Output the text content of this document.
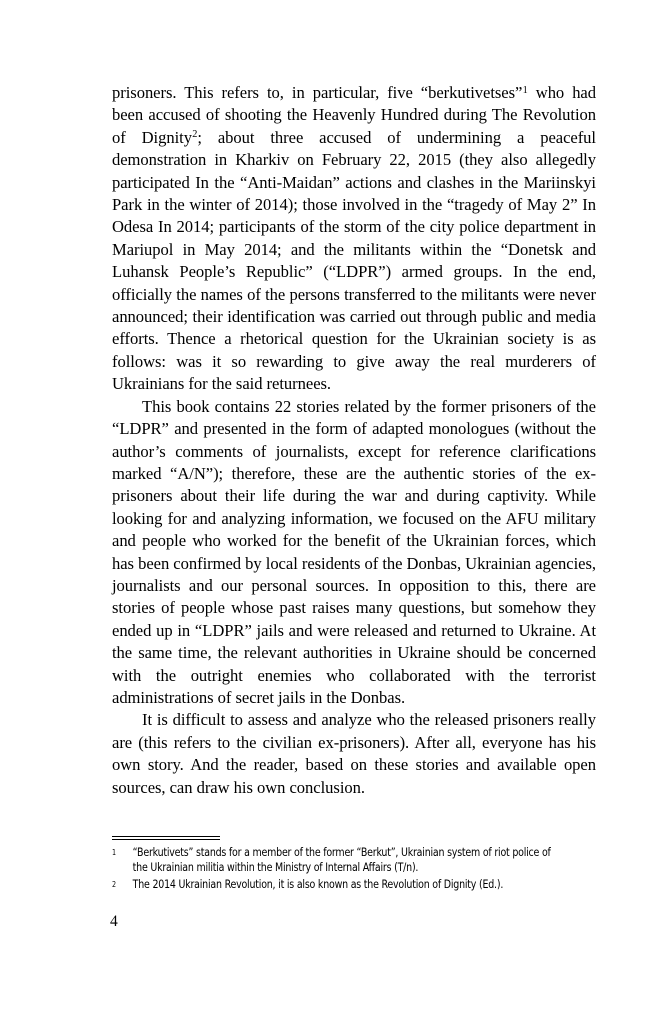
prisoners. This refers to, in particular, five “berkutivetses”$^1$ who had been accused of shooting the Heavenly Hundred during The Revolution of Dignity$^2$; about three accused of undermining a peaceful demonstration in Kharkiv on February 22, 2015 (they also allegedly participated In the “Anti-Maidan” actions and clashes in the Mariinskyi Park in the winter of 2014); those involved in the “tragedy of May 2” In Odesa In 2014; participants of the storm of the city police department in Mariupol in May 2014; and the militants within the “Donetsk and Luhansk People’s Republic” (“LDPR”) armed groups. In the end, officially the names of the persons transferred to the militants were never announced; their identification was carried out through public and media efforts. Thence a rhetorical question for the Ukrainian society is as follows: was it so rewarding to give away the real murderers of Ukrainians for the said returnees.

This book contains 22 stories related by the former prisoners of the “LDPR” and presented in the form of adapted monologues (without the author’s comments of journalists, except for reference clarifications marked “A/N”); therefore, these are the authentic stories of the ex-prisoners about their life during the war and during captivity. While looking for and analyzing information, we focused on the AFU military and people who worked for the benefit of the Ukrainian forces, which has been confirmed by local residents of the Donbas, Ukrainian agencies, journalists and our personal sources. In opposition to this, there are stories of people whose past raises many questions, but somehow they ended up in “LDPR” jails and were released and returned to Ukraine. At the same time, the relevant authorities in Ukraine should be concerned with the outright enemies who collaborated with the terrorist administrations of secret jails in the Donbas.

It is difficult to assess and analyze who the released prisoners really are (this refers to the civilian ex-prisoners). After all, everyone has his own story. And the reader, based on these stories and available open sources, can draw his own conclusion.

1 “Berkutivets” stands for a member of the former “Berkut”, Ukrainian system of riot police of the Ukrainian militia within the Ministry of Internal Affairs (T/n).
2 The 2014 Ukrainian Revolution, it is also known as the Revolution of Dignity (Ed.).
4
